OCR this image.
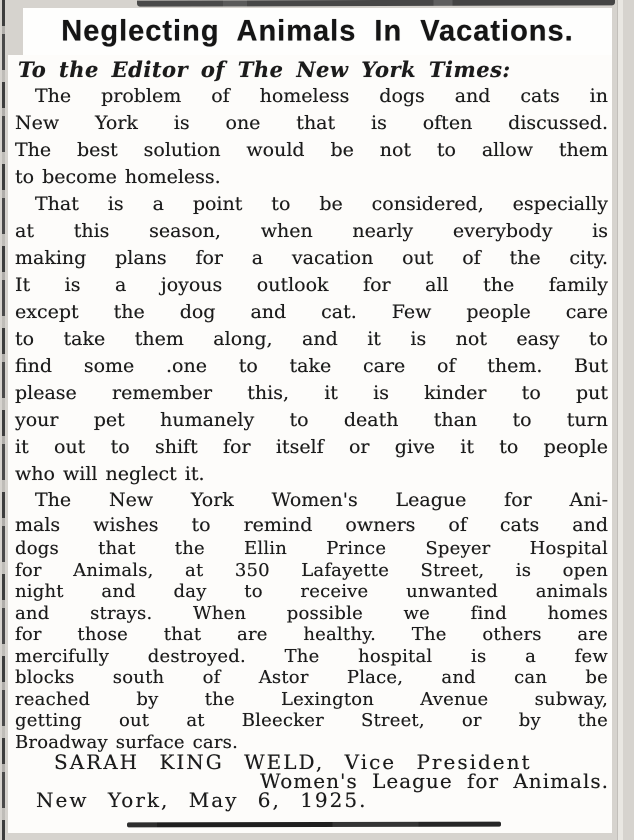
Neglecting Animals In Vacations.
To the Editor of The New York Times:
The problem of homeless dogs and cats in
New York is one that is often discussed.
The best solution would be not to allow them
to become homeless.
That is a point to be considered, especially
at this season, when nearly everybody is
making plans for a vacation out of the city.
It is a joyous outlook for all the family
except the dog and cat. Few people care
to take them along, and it is not easy to
find some .one to take care of them. But
please remember this, it is kinder to put
your pet humanely to death than to turn
it out to shift for itself or give it to people
who will neglect it.
The New York Women's League for Ani-
mals wishes to remind owners of cats and
dogs that the Ellin Prince Speyer Hospital
for Animals, at 350 Lafayette Street, is open
night and day to receive unwanted animals
and strays. When possible we find homes
for those that are healthy. The others are
mercifully destroyed. The hospital is a few
blocks south of Astor Place, and can be
reached by the Lexington Avenue subway,
getting out at Bleecker Street, or by the
Broadway surface cars.
SARAH KING WELD, Vice President
Women's League for Animals.
New York, May 6, 1925.
